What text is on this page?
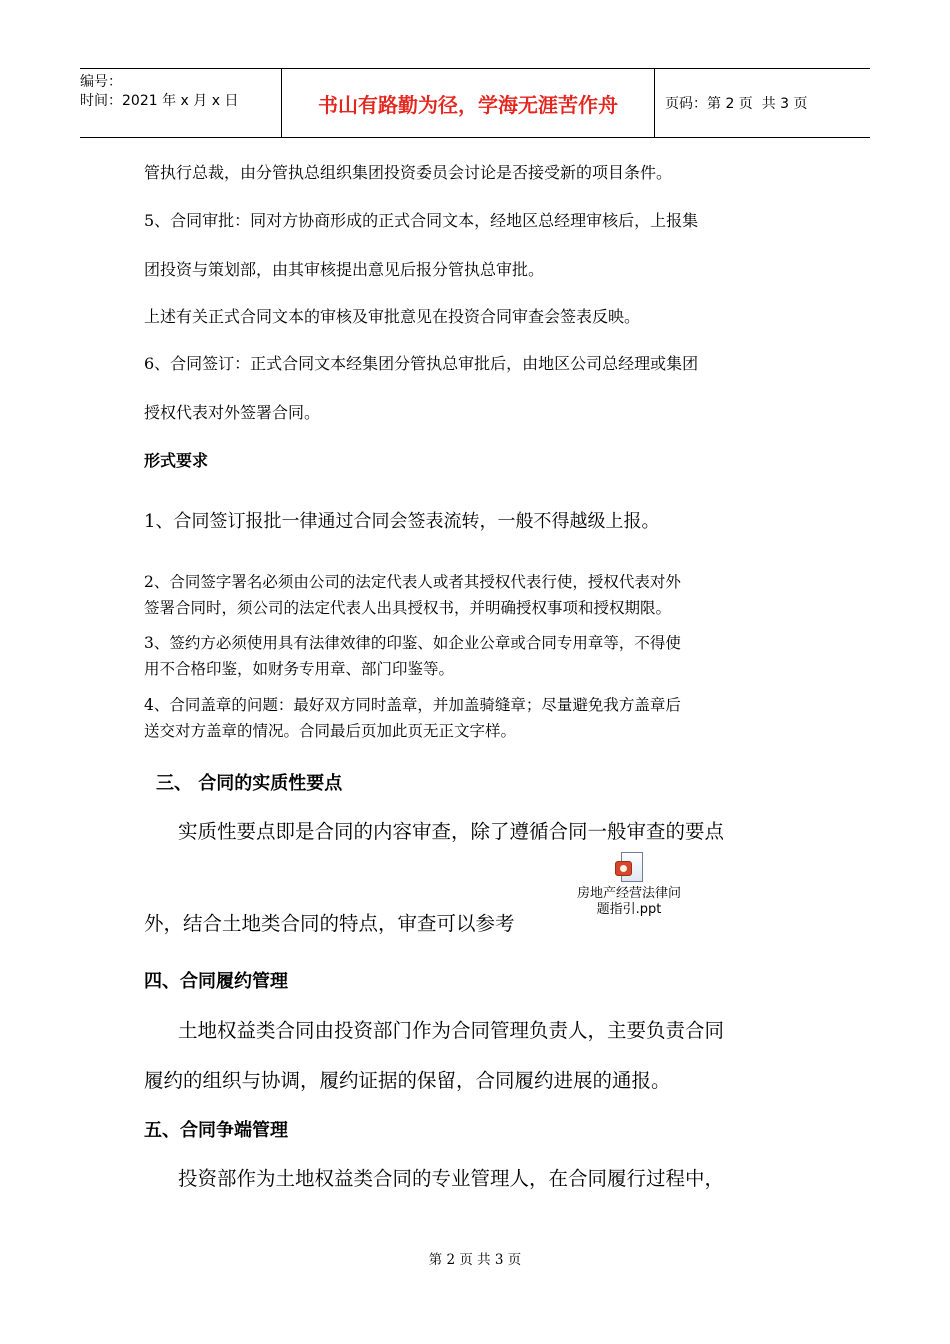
编号：
时间：2021 年 x 月 x 日	书山有路勤为径，学海无涯苦作舟	页码：第 2 页  共 3 页
管执行总裁，由分管执总组织集团投资委员会讨论是否接受新的项目条件。
5、合同审批：同对方协商形成的正式合同文本，经地区总经理审核后，上报集
团投资与策划部，由其审核提出意见后报分管执总审批。
上述有关正式合同文本的审核及审批意见在投资合同审查会签表反映。
6、合同签订：正式合同文本经集团分管执总审批后，由地区公司总经理或集团
授权代表对外签署合同。
形式要求
1、合同签订报批一律通过合同会签表流转，一般不得越级上报。
2、合同签字署名必须由公司的法定代表人或者其授权代表行使，授权代表对外
签署合同时，须公司的法定代表人出具授权书，并明确授权事项和授权期限。
3、签约方必须使用具有法律效律的印鉴、如企业公章或合同专用章等，不得使
用不合格印鉴，如财务专用章、部门印鉴等。
4、合同盖章的问题：最好双方同时盖章，并加盖骑缝章；尽量避免我方盖章后
送交对方盖章的情况。合同最后页加此页无正文字样。
三、 合同的实质性要点
实质性要点即是合同的内容审查，除了遵循合同一般审查的要点
外，结合土地类合同的特点，审查可以参考
房地产经营法律问
题指引.ppt
四、合同履约管理
土地权益类合同由投资部门作为合同管理负责人，主要负责合同
履约的组织与协调，履约证据的保留，合同履约进展的通报。
五、合同争端管理
投资部作为土地权益类合同的专业管理人，在合同履行过程中，
第 2 页 共 3 页
